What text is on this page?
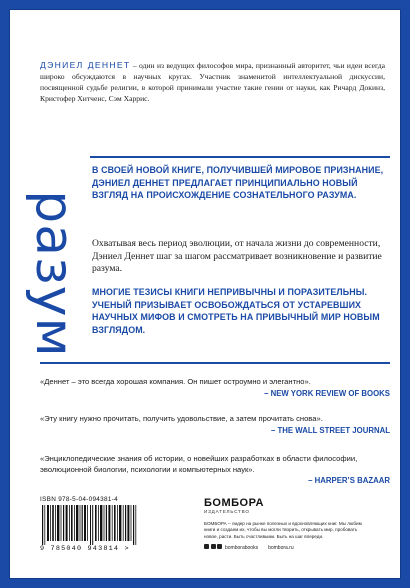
ДЭНИЕЛ ДЕННЕТ – один из ведущих философов мира, признанный авторитет, чьи идеи всегда широко обсуждаются в научных кругах. Участник знаменитой интеллектуальной дискуссии, посвященной судьбе религии, в которой принимали участие такие гении от науки, как Ричард Докинз, Кристофер Хитченс, Сэм Харрис.
разум
В СВОЕЙ НОВОЙ КНИГЕ, ПОЛУЧИВШЕЙ МИРОВОЕ ПРИЗНАНИЕ, ДЭНИЕЛ ДЕННЕТ ПРЕДЛАГАЕТ ПРИНЦИПИАЛЬНО НОВЫЙ ВЗГЛЯД НА ПРОИСХОЖДЕНИЕ СОЗНАТЕЛЬНОГО РАЗУМА.
Охватывая весь период эволюции, от начала жизни до современности, Дэниел Деннет шаг за шагом рассматривает возникновение и развитие разума.
МНОГИЕ ТЕЗИСЫ КНИГИ НЕПРИВЫЧНЫ И ПОРАЗИТЕЛЬНЫ. УЧЕНЫЙ ПРИЗЫВАЕТ ОСВОБОЖДАТЬСЯ ОТ УСТАРЕВШИХ НАУЧНЫХ МИФОВ И СМОТРЕТЬ НА ПРИВЫЧНЫЙ МИР НОВЫМ ВЗГЛЯДОМ.
«Деннет – это всегда хорошая компания. Он пишет остроумно и элегантно».
– NEW YORK REVIEW OF BOOKS
«Эту книгу нужно прочитать, получить удовольствие, а затем прочитать снова».
– THE WALL STREET JOURNAL
«Энциклопедические знания об истории, о новейших разработках в области философии, эволюционной биологии, психологии и компьютерных наук».
– HARPER’S BAZAAR
ISBN 978-5-04-094381-4
9 785040 943814 >
БОМБОРА
ИЗДАТЕЛЬСТВО
БОМБОРА – лидер на рынке полезных и вдохновляющих книг. Мы любим книги и создаем их, чтобы вы могли творить, открывать мир, пробовать новое, расти. Быть счастливыми. Быть на шаг впереди.
bomborabooks bombora.ru
